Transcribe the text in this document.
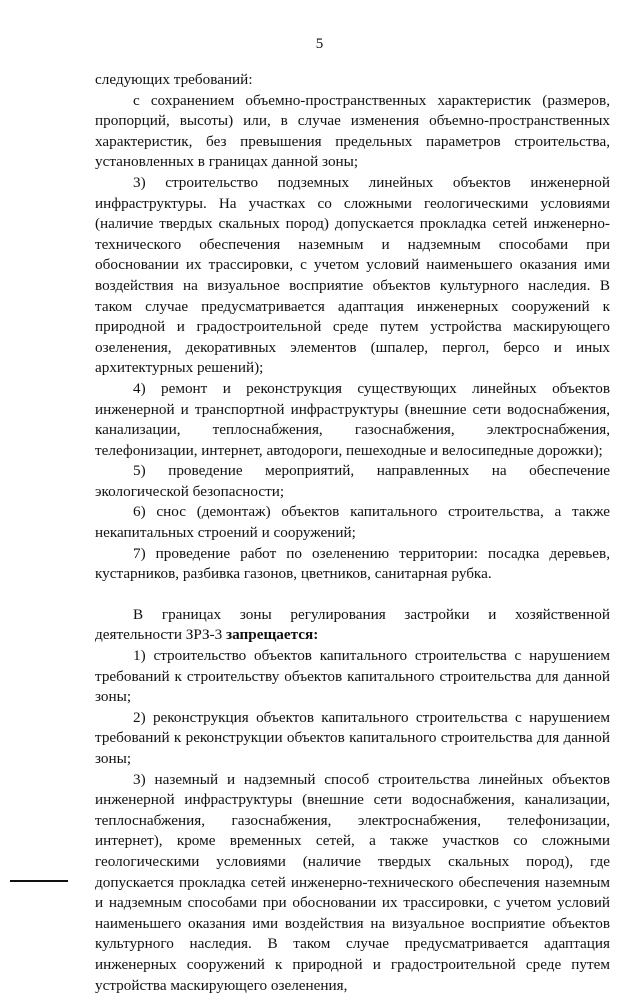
5

следующих требований:

с сохранением объемно-пространственных характеристик (размеров, пропорций, высоты) или, в случае изменения объемно-пространственных характеристик, без превышения предельных параметров строительства, установленных в границах данной зоны;

3) строительство подземных линейных объектов инженерной инфраструктуры. На участках со сложными геологическими условиями (наличие твердых скальных пород) допускается прокладка сетей инженерно-технического обеспечения наземным и надземным способами при обосновании их трассировки, с учетом условий наименьшего оказания ими воздействия на визуальное восприятие объектов культурного наследия. В таком случае предусматривается адаптация инженерных сооружений к природной и градостроительной среде путем устройства маскирующего озеленения, декоративных элементов (шпалер, пергол, берсо и иных архитектурных решений);

4) ремонт и реконструкция существующих линейных объектов инженерной и транспортной инфраструктуры (внешние сети водоснабжения, канализации, теплоснабжения, газоснабжения, электроснабжения, телефонизации, интернет, автодороги, пешеходные и велосипедные дорожки);

5) проведение мероприятий, направленных на обеспечение экологической безопасности;

6) снос (демонтаж) объектов капитального строительства, а также некапитальных строений и сооружений;

7) проведение работ по озеленению территории: посадка деревьев, кустарников, разбивка газонов, цветников, санитарная рубка.

В границах зоны регулирования застройки и хозяйственной деятельности ЗРЗ-3 запрещается:

1) строительство объектов капитального строительства с нарушением требований к строительству объектов капитального строительства для данной зоны;

2) реконструкция объектов капитального строительства с нарушением требований к реконструкции объектов капитального строительства для данной зоны;

3) наземный и надземный способ строительства линейных объектов инженерной инфраструктуры (внешние сети водоснабжения, канализации, теплоснабжения, газоснабжения, электроснабжения, телефонизации, интернет), кроме временных сетей, а также участков со сложными геологическими условиями (наличие твердых скальных пород), где допускается прокладка сетей инженерно-технического обеспечения наземным и надземным способами при обосновании их трассировки, с учетом условий наименьшего оказания ими воздействия на визуальное восприятие объектов культурного наследия. В таком случае предусматривается адаптация инженерных сооружений к природной и градостроительной среде путем устройства маскирующего озеленения,
